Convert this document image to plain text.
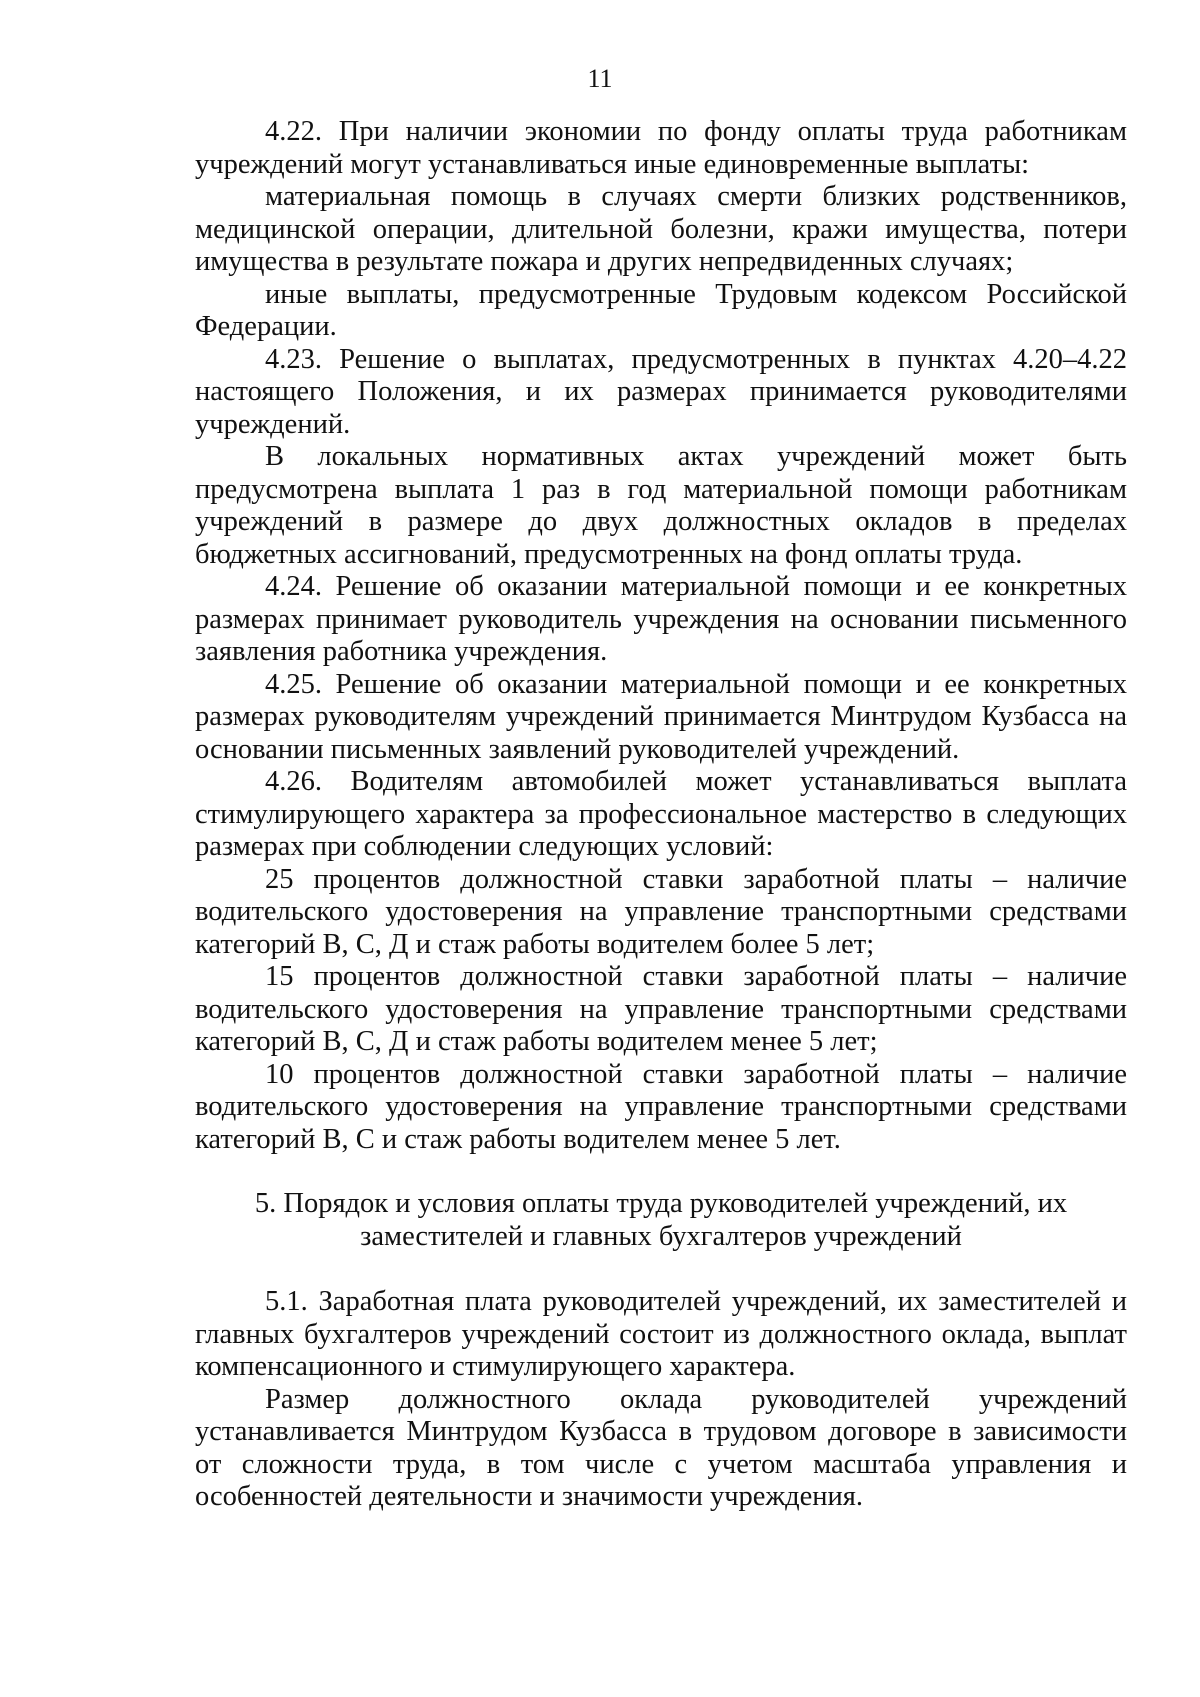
11

4.22. При наличии экономии по фонду оплаты труда работникам учреждений могут устанавливаться иные единовременные выплаты:

материальная помощь в случаях смерти близких родственников, медицинской операции, длительной болезни, кражи имущества, потери имущества в результате пожара и других непредвиденных случаях;

иные выплаты, предусмотренные Трудовым кодексом Российской Федерации.

4.23. Решение о выплатах, предусмотренных в пунктах 4.20–4.22 настоящего Положения, и их размерах принимается руководителями учреждений.

В локальных нормативных актах учреждений может быть предусмотрена выплата 1 раз в год материальной помощи работникам учреждений в размере до двух должностных окладов в пределах бюджетных ассигнований, предусмотренных на фонд оплаты труда.

4.24. Решение об оказании материальной помощи и ее конкретных размерах принимает руководитель учреждения на основании письменного заявления работника учреждения.

4.25. Решение об оказании материальной помощи и ее конкретных размерах руководителям учреждений принимается Минтрудом Кузбасса на основании письменных заявлений руководителей учреждений.

4.26. Водителям автомобилей может устанавливаться выплата стимулирующего характера за профессиональное мастерство в следующих размерах при соблюдении следующих условий:

25 процентов должностной ставки заработной платы – наличие водительского удостоверения на управление транспортными средствами категорий В, С, Д и стаж работы водителем более 5 лет;

15 процентов должностной ставки заработной платы – наличие водительского удостоверения на управление транспортными средствами категорий В, С, Д и стаж работы водителем менее 5 лет;

10 процентов должностной ставки заработной платы – наличие водительского удостоверения на управление транспортными средствами категорий В, С и стаж работы водителем менее 5 лет.

5. Порядок и условия оплаты труда руководителей учреждений, их
заместителей и главных бухгалтеров учреждений

5.1. Заработная плата руководителей учреждений, их заместителей и главных бухгалтеров учреждений состоит из должностного оклада, выплат компенсационного и стимулирующего характера.

Размер должностного оклада руководителей учреждений устанавливается Минтрудом Кузбасса в трудовом договоре в зависимости от сложности труда, в том числе с учетом масштаба управления и особенностей деятельности и значимости учреждения.
